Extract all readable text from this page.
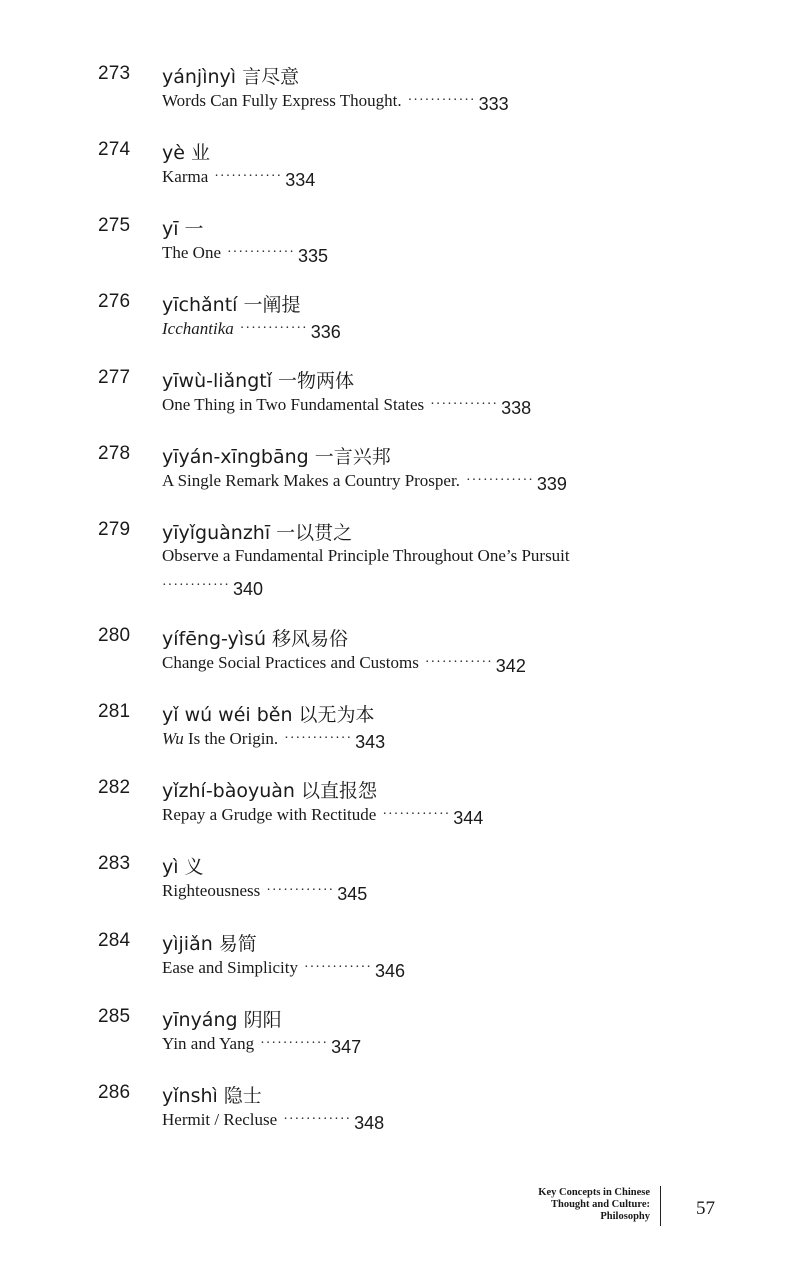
273 yánjìnyì 言尽意
Words Can Fully Express Thought. ············ 333
274 yè 业
Karma ············ 334
275 yī 一
The One ············ 335
276 yīchǎntí 一阐提
Icchantika ············ 336
277 yīwù-liǎngtǐ 一物两体
One Thing in Two Fundamental States ············ 338
278 yīyán-xīngbāng 一言兴邦
A Single Remark Makes a Country Prosper. ············ 339
279 yīyǐguànzhī 一以贯之
Observe a Fundamental Principle Throughout One’s Pursuit
············ 340
280 yífēng-yìsú 移风易俗
Change Social Practices and Customs ············ 342
281 yǐ wú wéi běn 以无为本
Wu Is the Origin. ············ 343
282 yǐzhí-bàoyuàn 以直报怨
Repay a Grudge with Rectitude ············ 344
283 yì 义
Righteousness ············ 345
284 yìjiǎn 易简
Ease and Simplicity ············ 346
285 yīnyáng 阴阳
Yin and Yang ············ 347
286 yǐnshì 隐士
Hermit / Recluse ············ 348
Key Concepts in Chinese
Thought and Culture:
Philosophy 57
